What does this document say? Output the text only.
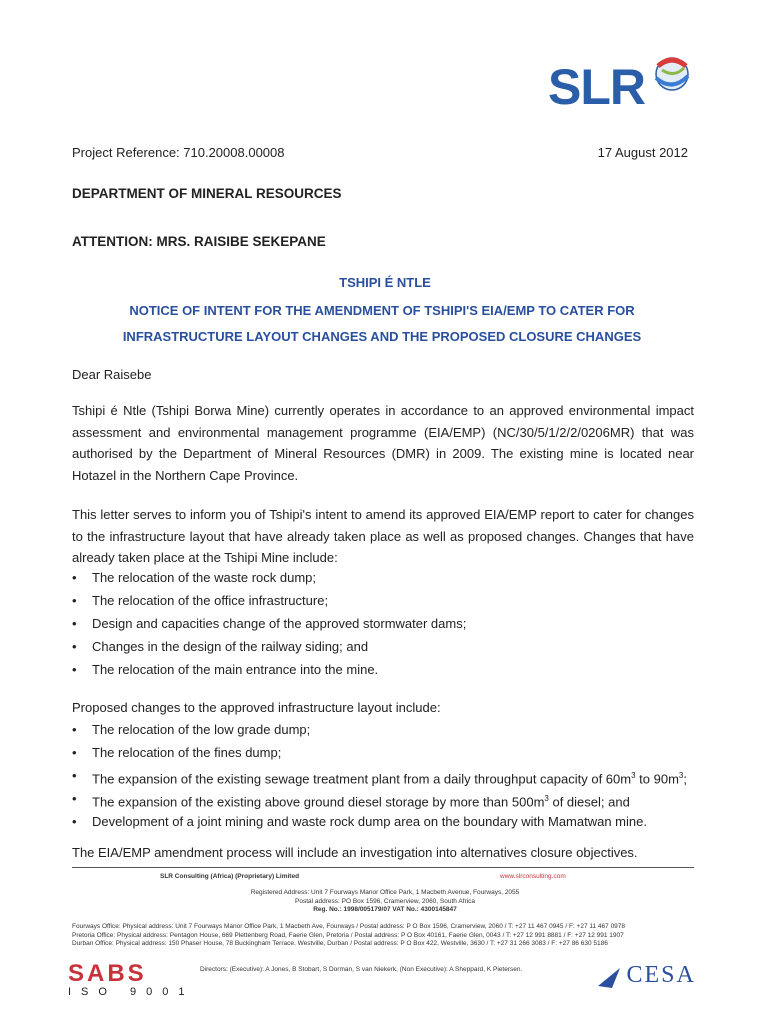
SLR
Project Reference: 710.20008.00008	17 August 2012
DEPARTMENT OF MINERAL RESOURCES
ATTENTION: MRS. RAISIBE SEKEPANE
TSHIPI É NTLE
NOTICE OF INTENT FOR THE AMENDMENT OF TSHIPI'S EIA/EMP TO CATER FOR INFRASTRUCTURE LAYOUT CHANGES AND THE PROPOSED CLOSURE CHANGES
Dear Raisebe
Tshipi é Ntle (Tshipi Borwa Mine) currently operates in accordance to an approved environmental impact assessment and environmental management programme (EIA/EMP) (NC/30/5/1/2/2/0206MR) that was authorised by the Department of Mineral Resources (DMR) in 2009. The existing mine is located near Hotazel in the Northern Cape Province.
This letter serves to inform you of Tshipi's intent to amend its approved EIA/EMP report to cater for changes to the infrastructure layout that have already taken place as well as proposed changes. Changes that have already taken place at the Tshipi Mine include:
• The relocation of the waste rock dump;
• The relocation of the office infrastructure;
• Design and capacities change of the approved stormwater dams;
• Changes in the design of the railway siding; and
• The relocation of the main entrance into the mine.
Proposed changes to the approved infrastructure layout include:
• The relocation of the low grade dump;
• The relocation of the fines dump;
• The expansion of the existing sewage treatment plant from a daily throughput capacity of $60m^3$ to $90m^3$;
• The expansion of the existing above ground diesel storage by more than $500m^3$ of diesel; and
• Development of a joint mining and waste rock dump area on the boundary with Mamatwan mine.
The EIA/EMP amendment process will include an investigation into alternatives closure objectives.
SLR Consulting (Africa) (Proprietary) Limited	www.slrconsulting.com
Registered Address: Unit 7 Fourways Manor Office Park, 1 Macbeth Avenue, Fourways, 2055
Postal address: PO Box 1596, Cramerview, 2060, South Africa
Reg. No.: 1998/005179/07 VAT No.: 4300145847
Fourways Office: Physical address: Unit 7 Fourways Manor Office Park, 1 Macbeth Ave, Fourways / Postal address: P O Box 1596, Cramerview, 2060 / T: +27 11 467 0945 / F: +27 11 467 0978
Pretoria Office: Physical address: Pentagon House, 669 Plettenberg Road, Faerie Glen, Pretoria / Postal address: P O Box 40161, Faerie Glen, 0043 / T: +27 12 991 8881 / F: +27 12 991 1907
Durban Office: Physical address: 150 Phaser House, 78 Buckingham Terrace, Westville, Durban / Postal address: P O Box 422, Westville, 3630 / T: +27 31 266 3083 / F: +27 86 630 5186
Directors: (Executive): A Jones, B Stobart, S Dorman, S van Niekerk, (Non Executive): A Sheppard, K Pietersen.
SABS
ISO 9001
CESA
